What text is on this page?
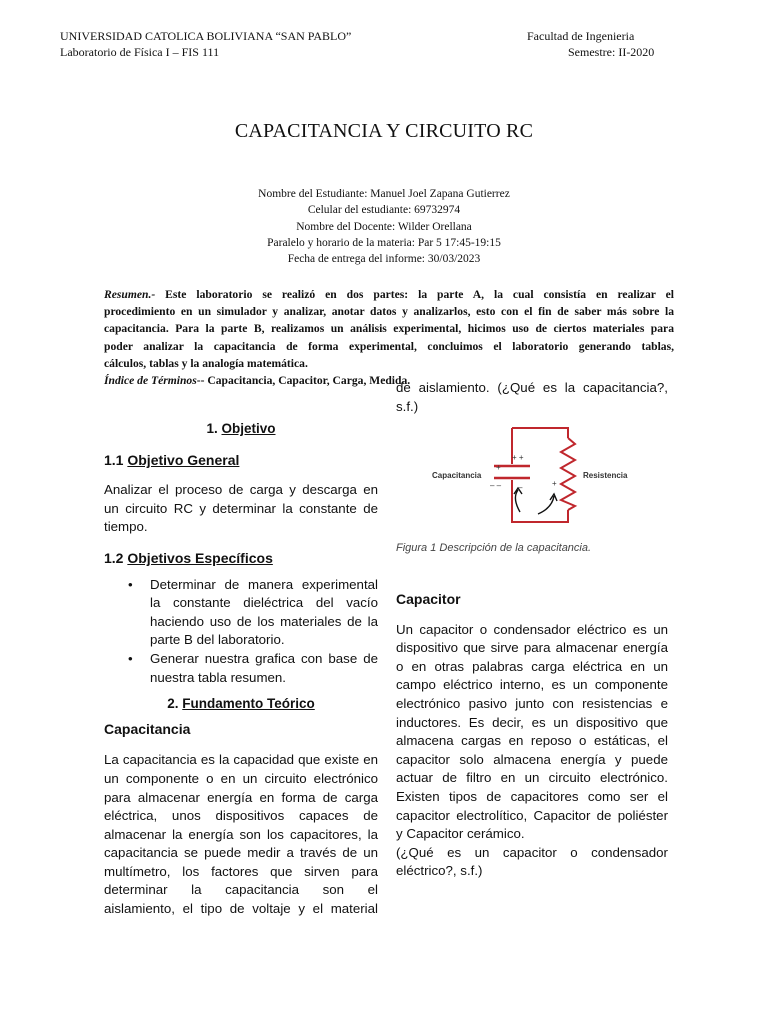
UNIVERSIDAD CATOLICA BOLIVIANA “SAN PABLO”	Facultad de Ingenieria
Laboratorio de Física I – FIS 111	Semestre: II-2020
CAPACITANCIA Y CIRCUITO RC
Nombre del Estudiante: Manuel Joel Zapana Gutierrez
Celular del estudiante: 69732974
Nombre del Docente: Wilder Orellana
Paralelo y horario de la materia: Par 5 17:45-19:15
Fecha de entrega del informe: 30/03/2023
Resumen.- Este laboratorio se realizó en dos partes: la parte A, la cual consistía en realizar el
procedimiento en un simulador y analizar, anotar datos y analizarlos, esto con el fin de saber más sobre la
capacitancia. Para la parte B, realizamos un análisis experimental, hicimos uso de ciertos materiales para
poder analizar la capacitancia de forma experimental, concluimos el laboratorio generando tablas,
cálculos, tablas y la analogía matemática.
Índice de Términos-- Capacitancia, Capacitor, Carga, Medida.
1. Objetivo
1.1 Objetivo General

Analizar el proceso de carga y descarga en
un circuito RC y determinar la constante de
tiempo.

1.2 Objetivos Específicos
• Determinar de manera experimental
la constante dieléctrica del vacío
haciendo uso de los materiales de la
parte B del laboratorio.
• Generar nuestra grafica con base de
nuestra tabla resumen.
2. Fundamento Teórico
Capacitancia

La capacitancia es la capacidad que existe en
un componente o en un circuito electrónico
para almacenar energía en forma de carga
eléctrica, unos dispositivos capaces de
almacenar la energía son los capacitores, la
capacitancia se puede medir a través de un
multímetro, los factores que sirven para
determinar la capacitancia son el
aislamiento, el tipo de voltaje y el material

de aislamiento. (¿Qué es la capacitancia?,
s.f.)

Capacitancia	Resistencia
+ +
+
– – –	+
Figura 1 Descripción de la capacitancia.
Capacitor

Un capacitor o condensador eléctrico es un
dispositivo que sirve para almacenar energía
o en otras palabras carga eléctrica en un
campo eléctrico interno, es un componente
electrónico pasivo junto con resistencias e
inductores. Es decir, es un dispositivo que
almacena cargas en reposo o estáticas, el
capacitor solo almacena energía y puede
actuar de filtro en un circuito electrónico.
Existen tipos de capacitores como ser el
capacitor electrolítico, Capacitor de poliéster
y Capacitor cerámico.
(¿Qué es un capacitor o condensador
eléctrico?, s.f.)
